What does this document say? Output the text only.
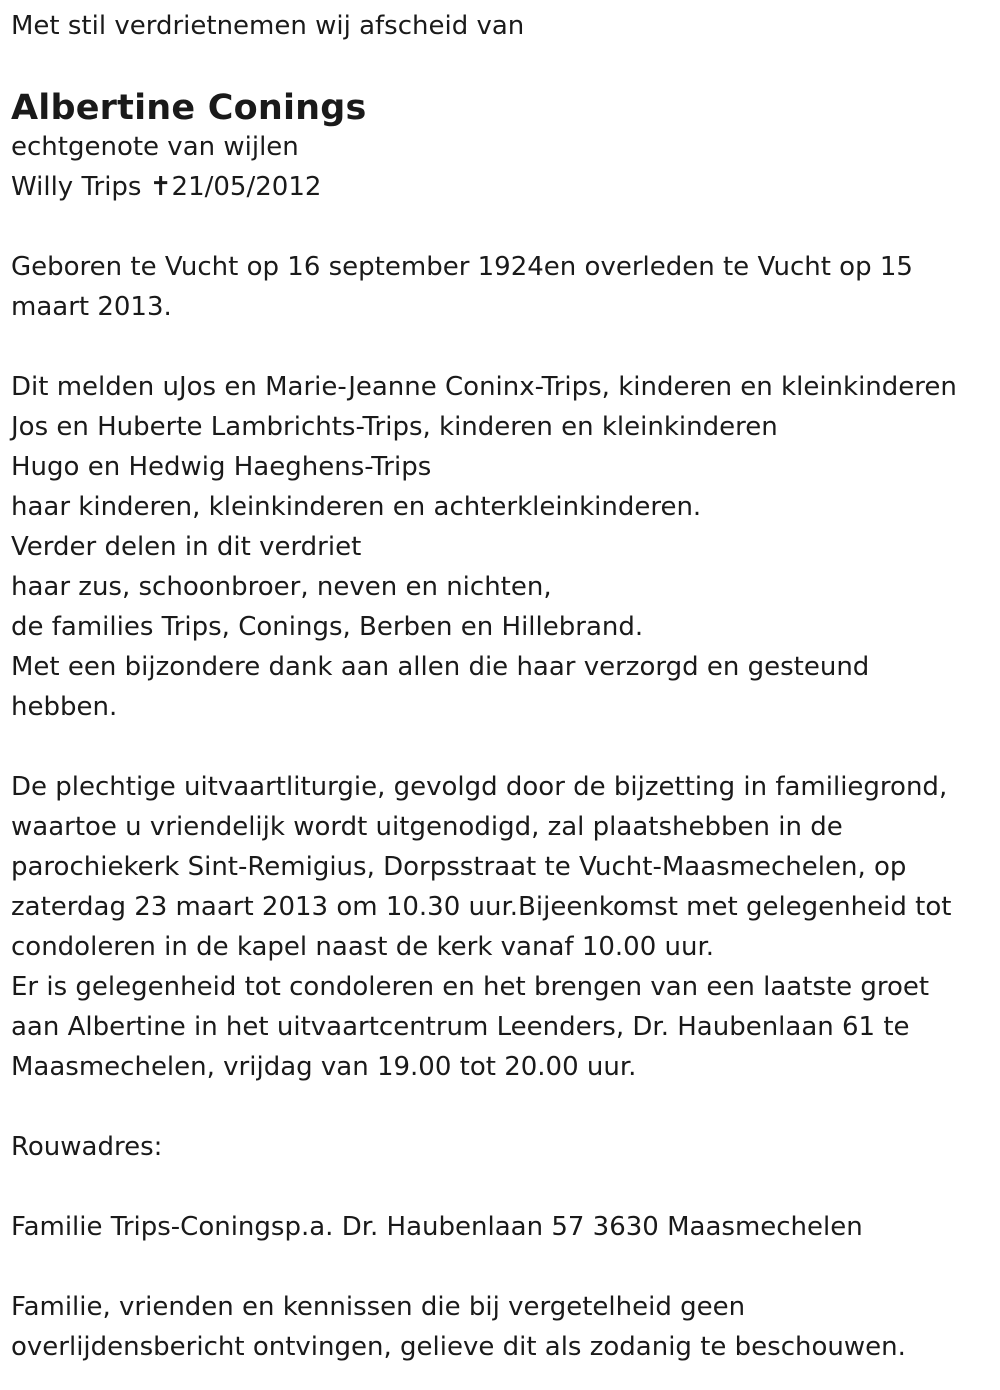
Met stil verdrietnemen wij afscheid van

Albertine Conings

echtgenote van wijlen

Willy Trips ✝21/05/2012

Geboren te Vucht op 16 september 1924en overleden te Vucht op 15

maart 2013.

Dit melden uJos en Marie-Jeanne Coninx-Trips, kinderen en kleinkinderen

Jos en Huberte Lambrichts-Trips, kinderen en kleinkinderen

Hugo en Hedwig Haeghens-Trips

haar kinderen, kleinkinderen en achterkleinkinderen.

Verder delen in dit verdriet

haar zus, schoonbroer, neven en nichten,

de families Trips, Conings, Berben en Hillebrand.

Met een bijzondere dank aan allen die haar verzorgd en gesteund

hebben.

De plechtige uitvaartliturgie, gevolgd door de bijzetting in familiegrond,

waartoe u vriendelijk wordt uitgenodigd, zal plaatshebben in de

parochiekerk Sint-Remigius, Dorpsstraat te Vucht-Maasmechelen, op

zaterdag 23 maart 2013 om 10.30 uur.Bijeenkomst met gelegenheid tot

condoleren in de kapel naast de kerk vanaf 10.00 uur.

Er is gelegenheid tot condoleren en het brengen van een laatste groet

aan Albertine in het uitvaartcentrum Leenders, Dr. Haubenlaan 61 te

Maasmechelen, vrijdag van 19.00 tot 20.00 uur.

Rouwadres:

Familie Trips-Coningsp.a. Dr. Haubenlaan 57 3630 Maasmechelen

Familie, vrienden en kennissen die bij vergetelheid geen

overlijdensbericht ontvingen, gelieve dit als zodanig te beschouwen.
